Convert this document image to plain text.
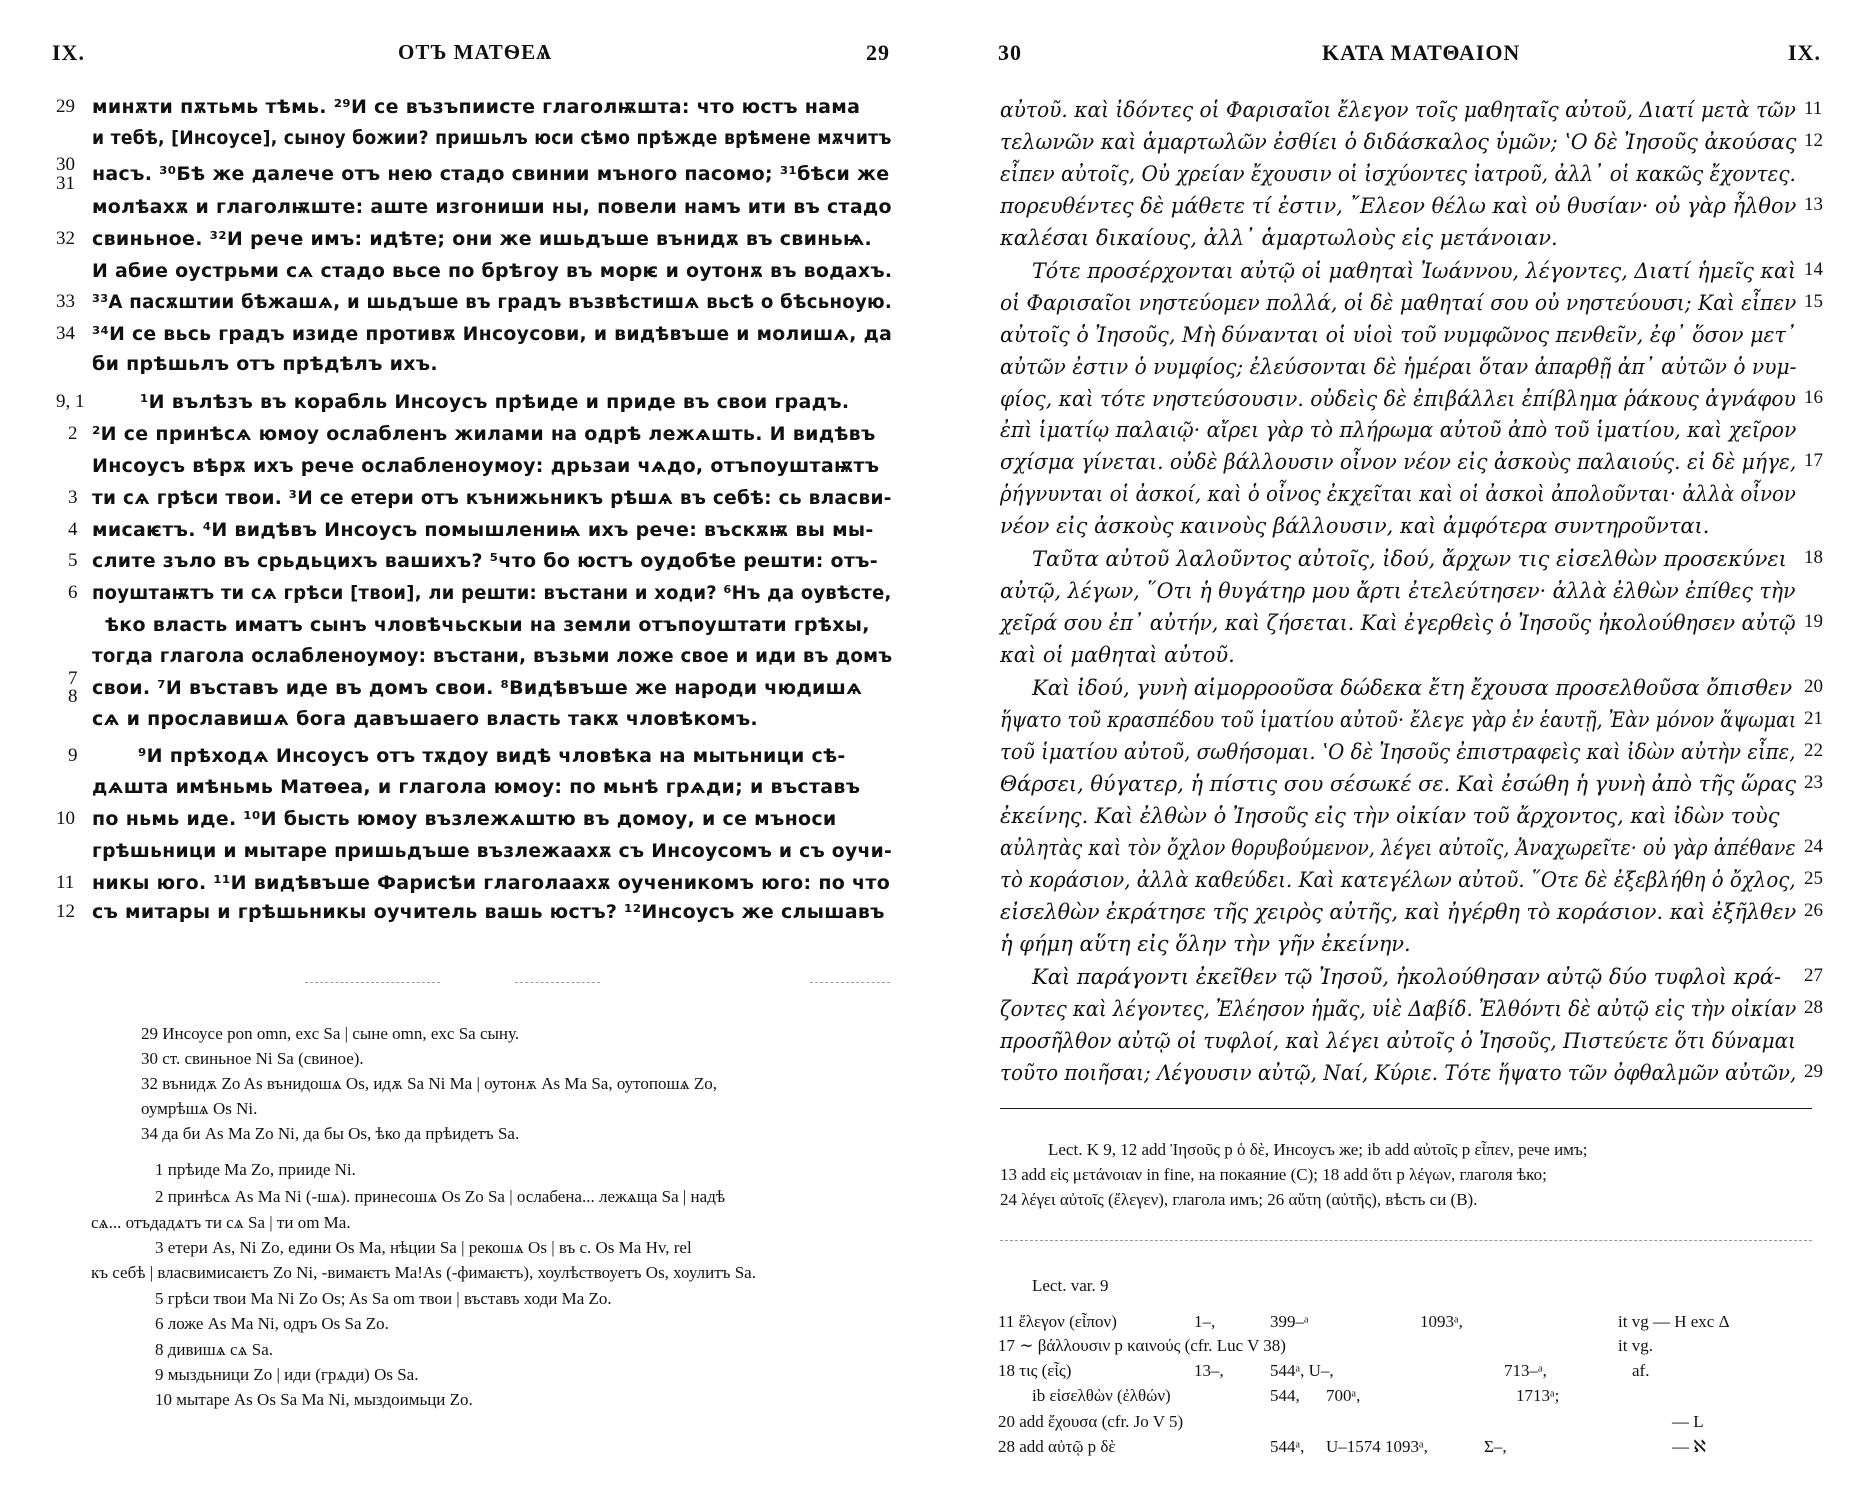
IX.	ОТЪ МАТѲЕѦ	29
минѫти пѫтьмь тѣмь. ²⁹И се възъпиисте глаголѭшта: что юстъ нама
и тебѣ, [Инсоусе], сыноу божии? пришьлъ юси сѣмо прѣжде врѣмене мѫчитъ
насъ. ³⁰Бѣ же далече отъ нею стадо свинии мъного пасомо; ³¹бѣси же
молѣахѫ и глаголѭште: аште изгониши ны, повели намъ ити въ стадо
свиньное. ³²И рече имъ: идѣте; они же ишьдъше вънидѫ въ свиньѩ.
И абие оустрьми сѧ стадо вьсе по брѣгоу въ морѥ и оутонѫ въ водахъ.
³³А пасѫштии бѣжашѧ, и шьдъше въ градъ възвѣстишѧ вьсѣ о бѣсьноую.
³⁴И се вьсь градъ изиде противѫ Инсоусови, и видѣвъше и молишѧ, да
би прѣшьлъ отъ прѣдѣлъ ихъ.
¹И вълѣзъ въ корабль Инсоусъ прѣиде и приде въ свои градъ.
²И се принѣсѧ юмоу ослабленъ жилами на одрѣ лежѧшть. И видѣвъ
Инсоусъ вѣрѫ ихъ рече ослабленоумоу: дрьзаи чѧдо, отъпоуштаѭтъ
ти сѧ грѣси твои. ³И се етери отъ кънижьникъ рѣшѧ въ себѣ: сь власви-
мисаѥтъ. ⁴И видѣвъ Инсоусъ помышлениѩ ихъ рече: въскѫѭ вы мы-
слите зъло въ срьдьцихъ вашихъ? ⁵что бо юстъ оудобѣе решти: отъ-
поуштаѭтъ ти сѧ грѣси [твои], ли решти: въстани и ходи? ⁶Нъ да оувѣсте,
ѣко власть иматъ сынъ чловѣчьскыи на земли отъпоуштати грѣхы,
тогда глагола ослабленоумоу: въстани, възьми ложе свое и иди въ домъ
свои. ⁷И въставъ иде въ домъ свои. ⁸Видѣвъше же народи чюдишѧ
сѧ и прославишѧ бога давъшаего власть такѫ чловѣкомъ.
⁹И прѣходѧ Инсоусъ отъ тѫдоу видѣ чловѣка на мытьници сѣ-
дѧшта имѣньмь Матѳеа, и глагола юмоу: по мьнѣ грѧди; и въставъ
по ньмь иде. ¹⁰И бысть юмоу възлежѧштю въ домоу, и се мъноси
грѣшьници и мытаре пришьдъше възлежаахѫ съ Инсоусомъ и съ оучи-
никы юго. ¹¹И видѣвъше Фарисѣи глаголаахѫ оученикомъ юго: по что
съ митары и грѣшьникы оучитель вашь юстъ? ¹²Инсоусъ же слышавъ
29
30
31
32
33
34
9, 1
2
3
4
5
6
7
8
9
10
11
12
29 Инсоусе pon omn, exc Sa | сыне omn, exc Sa сыну.
30 ст. свиньное Ni Sa (свиное).
32 вънидѫ Zo As вънидошѧ Os, идѫ Sa Ni Ma | оутонѫ As Ma Sa, оутопошѧ Zo,
оумрѣшѧ Os Ni.
34 да би As Ma Zo Ni, да бы Os, ѣко да прѣидетъ Sa.
1 прѣиде Ma Zo, прииде Ni.
2 принѣсѧ As Ma Ni (-шѧ). принесошѧ Os Zo Sa | ослабена... лежѧща Sa | надѣ
сѧ... отъдадѧтъ ти сѧ Sa | ти om Ma.
3 етери As, Ni Zo, едини Os Ma, нѣции Sa | рекошѧ Os | въ с. Os Ma Hv, rel
къ себѣ | власвимисаѥтъ Zo Ni, -вимаѥтъ Ma!As (-фимаѥтъ), хоулѣствоуетъ Os, хоулитъ Sa.
5 грѣси твои Ma Ni Zo Os; As Sa om твои | въставъ ходи Ma Zo.
6 ложе As Ma Ni, одръ Os Sa Zo.
8 дивишѧ сѧ Sa.
9 мыздьници Zo | иди (грѧди) Os Sa.
10 мытаре As Os Sa Ma Ni, мыздоимьци Zo.
30	ΚΑΤΑ ΜΑΤΘΑΙΟΝ	IX.
αὐτοῦ. καὶ ἰδόντες οἱ Φαρισαῖοι ἔλεγον τοῖς μαθηταῖς αὐτοῦ, Διατί μετὰ τῶν
τελωνῶν καὶ ἁμαρτωλῶν ἐσθίει ὁ διδάσκαλος ὑμῶν; ʽΟ δὲ Ἰησοῦς ἀκούσας
εἶπεν αὐτοῖς, Οὐ χρείαν ἔχουσιν οἱ ἰσχύοντες ἰατροῦ, ἀλλ᾿ οἱ κακῶς ἔχοντες.
πορευθέντες δὲ μάθετε τί ἐστιν, ῎Ελεον θέλω καὶ οὐ θυσίαν· οὐ γὰρ ἦλθον
καλέσαι δικαίους, ἀλλ᾿ ἁμαρτωλοὺς εἰς μετάνοιαν.
Τότε προσέρχονται αὐτῷ οἱ μαθηταὶ Ἰωάννου, λέγοντες, Διατί ἡμεῖς καὶ
οἱ Φαρισαῖοι νηστεύομεν πολλά, οἱ δὲ μαθηταί σου οὐ νηστεύουσι; Καὶ εἶπεν
αὐτοῖς ὁ Ἰησοῦς, Μὴ δύνανται οἱ υἱοὶ τοῦ νυμφῶνος πενθεῖν, ἐφ᾿ ὅσον μετ᾿
αὐτῶν ἐστιν ὁ νυμφίος; ἐλεύσονται δὲ ἡμέραι ὅταν ἀπαρθῇ ἀπ᾿ αὐτῶν ὁ νυμ-
φίος, καὶ τότε νηστεύσουσιν. οὐδεὶς δὲ ἐπιβάλλει ἐπίβλημα ῥάκους ἀγνάφου
ἐπὶ ἱματίῳ παλαιῷ· αἴρει γὰρ τὸ πλήρωμα αὐτοῦ ἀπὸ τοῦ ἱματίου, καὶ χεῖρον
σχίσμα γίνεται. οὐδὲ βάλλουσιν οἶνον νέον εἰς ἀσκοὺς παλαιούς. εἰ δὲ μήγε,
ῥήγνυνται οἱ ἀσκοί, καὶ ὁ οἶνος ἐκχεῖται καὶ οἱ ἀσκοὶ ἀπολοῦνται· ἀλλὰ οἶνον
νέον εἰς ἀσκοὺς καινοὺς βάλλουσιν, καὶ ἀμφότερα συντηροῦνται.
Ταῦτα αὐτοῦ λαλοῦντος αὐτοῖς, ἰδού, ἄρχων τις εἰσελθὼν προσεκύνει
αὐτῷ, λέγων, ῞Οτι ἡ θυγάτηρ μου ἄρτι ἐτελεύτησεν· ἀλλὰ ἐλθὼν ἐπίθες τὴν
χεῖρά σου ἐπ᾿ αὐτήν, καὶ ζήσεται. Καὶ ἐγερθεὶς ὁ Ἰησοῦς ἠκολούθησεν αὐτῷ
καὶ οἱ μαθηταὶ αὐτοῦ.
Καὶ ἰδού, γυνὴ αἱμορροοῦσα δώδεκα ἔτη ἔχουσα προσελθοῦσα ὄπισθεν
ἥψατο τοῦ κρασπέδου τοῦ ἱματίου αὐτοῦ· ἔλεγε γὰρ ἐν ἑαυτῇ, Ἐὰν μόνον ἅψωμαι
τοῦ ἱματίου αὐτοῦ, σωθήσομαι. ʽΟ δὲ Ἰησοῦς ἐπιστραφεὶς καὶ ἰδὼν αὐτὴν εἶπε,
Θάρσει, θύγατερ, ἡ πίστις σου σέσωκέ σε. Καὶ ἐσώθη ἡ γυνὴ ἀπὸ τῆς ὥρας
ἐκείνης. Καὶ ἐλθὼν ὁ Ἰησοῦς εἰς τὴν οἰκίαν τοῦ ἄρχοντος, καὶ ἰδὼν τοὺς
αὐλητὰς καὶ τὸν ὄχλον θορυβούμενον, λέγει αὐτοῖς, Ἀναχωρεῖτε· οὐ γὰρ ἀπέθανε
τὸ κοράσιον, ἀλλὰ καθεύδει. Καὶ κατεγέλων αὐτοῦ. ῞Οτε δὲ ἐξεβλήθη ὁ ὄχλος,
εἰσελθὼν ἐκράτησε τῆς χειρὸς αὐτῆς, καὶ ἠγέρθη τὸ κοράσιον. καὶ ἐξῆλθεν
ἡ φήμη αὕτη εἰς ὅλην τὴν γῆν ἐκείνην.
Καὶ παράγοντι ἐκεῖθεν τῷ Ἰησοῦ, ἠκολούθησαν αὐτῷ δύο τυφλοὶ κρά-
ζοντες καὶ λέγοντες, Ἐλέησον ἡμᾶς, υἱὲ Δαβίδ. Ἐλθόντι δὲ αὐτῷ εἰς τὴν οἰκίαν
προσῆλθον αὐτῷ οἱ τυφλοί, καὶ λέγει αὐτοῖς ὁ Ἰησοῦς, Πιστεύετε ὅτι δύναμαι
τοῦτο ποιῆσαι; Λέγουσιν αὐτῷ, Ναί, Κύριε. Τότε ἥψατο τῶν ὀφθαλμῶν αὐτῶν,
11
12
13
14
15
16
17
18
19
20
21
22
23
24
25
26
27
28
29
Lect. K 9, 12 add Ἰησοῦς p ὁ δὲ, Инсоусъ же; ib add αὐτοῖς p εἶπεν, рече имъ;
13 add εἰς μετάνοιαν in fine, на покаяние (C); 18 add ὅτι p λέγων, глаголя ѣко;
24 λέγει αὐτοῖς (ἔλεγεν), глагола имъ; 26 αὕτη (αὐτῆς), вѣсть си (B).
Lect. var. 9
11 ἔλεγον (εἶπον)	1–,	399–ᵃ	1093ᵃ,	it vg — H exc Δ
17 ∼ βάλλουσιν p καινούς (cfr. Luc V 38)	it vg.
18 τις (εἷς)	13–,	544ᵃ, U–,	713–ᵃ,	af.
ib εἰσελθὼν (ἐλθών)	544, 700ᵃ,	1713ᵃ;
20 add ἔχουσα (cfr. Jo V 5)	— L
28 add αὐτῷ p δὲ	544ᵃ, U–1574 1093ᵃ,	Σ–,	— ℵ
